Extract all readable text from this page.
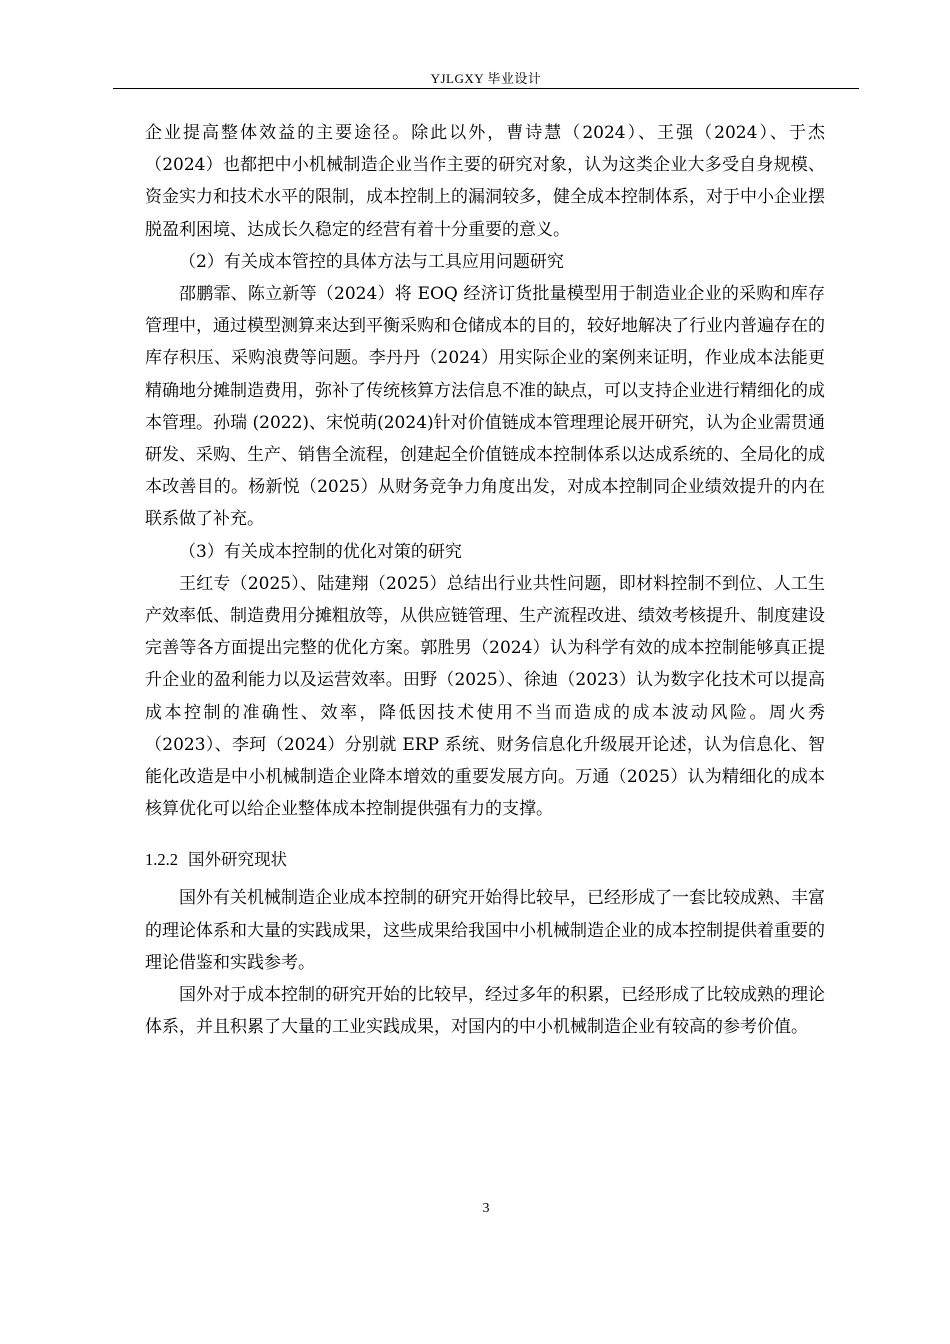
YJLGXY 毕业设计

企业提高整体效益的主要途径。除此以外，曹诗慧（2024）、王强（2024）、于杰（2024）也都把中小机械制造企业当作主要的研究对象，认为这类企业大多受自身规模、资金实力和技术水平的限制，成本控制上的漏洞较多，健全成本控制体系，对于中小企业摆脱盈利困境、达成长久稳定的经营有着十分重要的意义。

（2）有关成本管控的具体方法与工具应用问题研究

邵鹏霏、陈立新等（2024）将 EOQ 经济订货批量模型用于制造业企业的采购和库存管理中，通过模型测算来达到平衡采购和仓储成本的目的，较好地解决了行业内普遍存在的库存积压、采购浪费等问题。李丹丹（2024）用实际企业的案例来证明，作业成本法能更精确地分摊制造费用，弥补了传统核算方法信息不准的缺点，可以支持企业进行精细化的成本管理。孙瑞 (2022)、宋悦萌(2024)针对价值链成本管理理论展开研究，认为企业需贯通研发、采购、生产、销售全流程，创建起全价值链成本控制体系以达成系统的、全局化的成本改善目的。杨新悦（2025）从财务竞争力角度出发，对成本控制同企业绩效提升的内在联系做了补充。

（3）有关成本控制的优化对策的研究

王红专（2025）、陆建翔（2025）总结出行业共性问题，即材料控制不到位、人工生产效率低、制造费用分摊粗放等，从供应链管理、生产流程改进、绩效考核提升、制度建设完善等各方面提出完整的优化方案。郭胜男（2024）认为科学有效的成本控制能够真正提升企业的盈利能力以及运营效率。田野（2025）、徐迪（2023）认为数字化技术可以提高成本控制的准确性、效率，降低因技术使用不当而造成的成本波动风险。周火秀（2023）、李珂（2024）分别就 ERP 系统、财务信息化升级展开论述，认为信息化、智能化改造是中小机械制造企业降本增效的重要发展方向。万通（2025）认为精细化的成本核算优化可以给企业整体成本控制提供强有力的支撑。

1.2.2 国外研究现状

国外有关机械制造企业成本控制的研究开始得比较早，已经形成了一套比较成熟、丰富的理论体系和大量的实践成果，这些成果给我国中小机械制造企业的成本控制提供着重要的理论借鉴和实践参考。

国外对于成本控制的研究开始的比较早，经过多年的积累，已经形成了比较成熟的理论体系，并且积累了大量的工业实践成果，对国内的中小机械制造企业有较高的参考价值。

3
